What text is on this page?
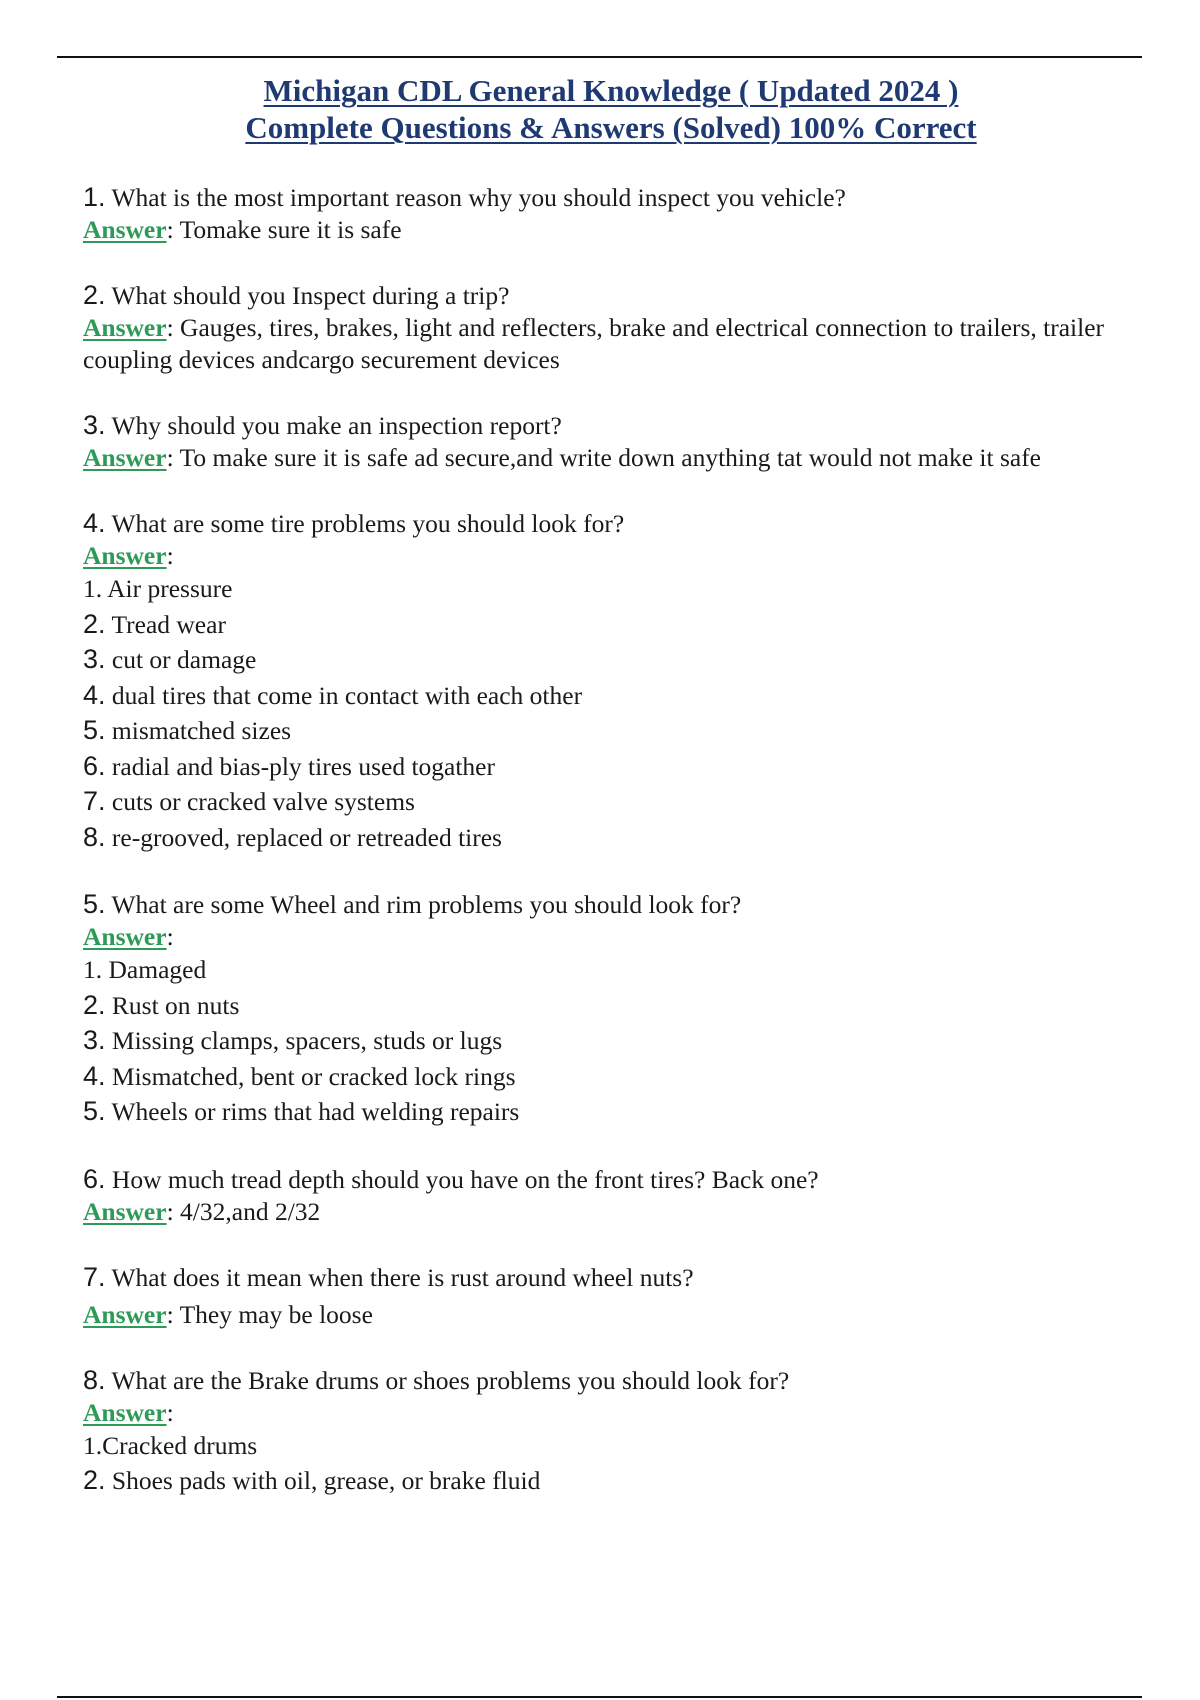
Michigan CDL General Knowledge ( Updated 2024 )
Complete Questions & Answers (Solved) 100% Correct
1. What is the most important reason why you should inspect you vehicle?
Answer: Tomake sure it is safe
2. What should you Inspect during a trip?
Answer: Gauges, tires, brakes, light and reflecters, brake and electrical connection to trailers, trailer coupling devices andcargo securement devices
3. Why should you make an inspection report?
Answer: To make sure it is safe ad secure,and write down anything tat would not make it safe
4. What are some tire problems you should look for?
Answer:
1. Air pressure
2. Tread wear
3. cut or damage
4. dual tires that come in contact with each other
5. mismatched sizes
6. radial and bias-ply tires used togather
7. cuts or cracked valve systems
8. re-grooved, replaced or retreaded tires
5. What are some Wheel and rim problems you should look for?
Answer:
1. Damaged
2. Rust on nuts
3. Missing clamps, spacers, studs or lugs
4. Mismatched, bent or cracked lock rings
5. Wheels or rims that had welding repairs
6. How much tread depth should you have on the front tires? Back one?
Answer: 4/32,and 2/32
7. What does it mean when there is rust around wheel nuts?
Answer: They may be loose
8. What are the Brake drums or shoes problems you should look for?
Answer:
1.Cracked drums
2. Shoes pads with oil, grease, or brake fluid
